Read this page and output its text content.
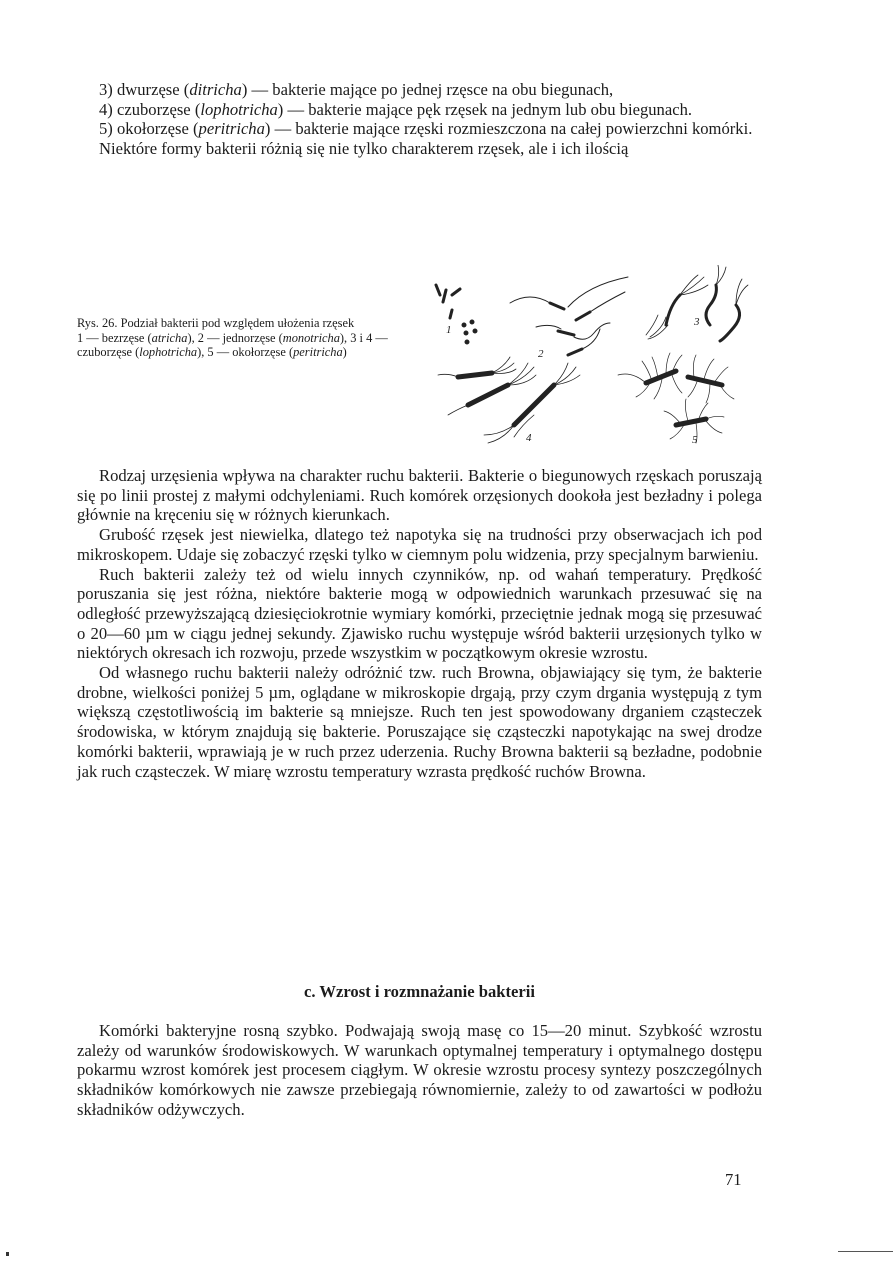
3) dwurzęse (ditricha) — bakterie mające po jednej rzęsce na obu biegunach,

4) czuborzęse (lophotricha) — bakterie mające pęk rzęsek na jednym lub obu biegunach.

5) okołorzęse (peritricha) — bakterie mające rzęski rozmieszczona na całej powierzchni komórki.

Niektóre formy bakterii różnią się nie tylko charakterem rzęsek, ale i ich ilością

Rys. 26. Podział bakterii pod względem ułożenia rzęsek
1 — bezrzęse (atricha), 2 — jednorzęse (monotricha), 3 i 4 — czuborzęse (lophotricha), 5 — okołorzęse (peritricha)

1
2
3
4	5

Rodzaj urzęsienia wpływa na charakter ruchu bakterii. Bakterie o biegunowych rzęskach poruszają się po linii prostej z małymi odchyleniami. Ruch komórek orzęsionych dookoła jest bezładny i polega głównie na kręceniu się w różnych kierunkach.

Grubość rzęsek jest niewielka, dlatego też napotyka się na trudności przy obserwacjach ich pod mikroskopem. Udaje się zobaczyć rzęski tylko w ciemnym polu widzenia, przy specjalnym barwieniu.

Ruch bakterii zależy też od wielu innych czynników, np. od wahań temperatury. Prędkość poruszania się jest różna, niektóre bakterie mogą w odpowiednich warunkach przesuwać się na odległość przewyższającą dziesięciokrotnie wymiary komórki, przeciętnie jednak mogą się przesuwać o 20—60 µm w ciągu jednej sekundy. Zjawisko ruchu występuje wśród bakterii urzęsionych tylko w niektórych okresach ich rozwoju, przede wszystkim w początkowym okresie wzrostu.

Od własnego ruchu bakterii należy odróżnić tzw. ruch Browna, objawiający się tym, że bakterie drobne, wielkości poniżej 5 µm, oglądane w mikroskopie drgają, przy czym drgania występują z tym większą częstotliwością im bakterie są mniejsze. Ruch ten jest spowodowany drganiem cząsteczek środowiska, w którym znajdują się bakterie. Poruszające się cząsteczki napotykając na swej drodze komórki bakterii, wprawiają je w ruch przez uderzenia. Ruchy Browna bakterii są bezładne, podobnie jak ruch cząsteczek. W miarę wzrostu temperatury wzrasta prędkość ruchów Browna.

c. Wzrost i rozmnażanie bakterii

Komórki bakteryjne rosną szybko. Podwajają swoją masę co 15—20 minut. Szybkość wzrostu zależy od warunków środowiskowych. W warunkach optymalnej temperatury i optymalnego dostępu pokarmu wzrost komórek jest procesem ciągłym. W okresie wzrostu procesy syntezy poszczególnych składników komórkowych nie zawsze przebiegają równomiernie, zależy to od zawartości w podłożu składników odżywczych.

71
